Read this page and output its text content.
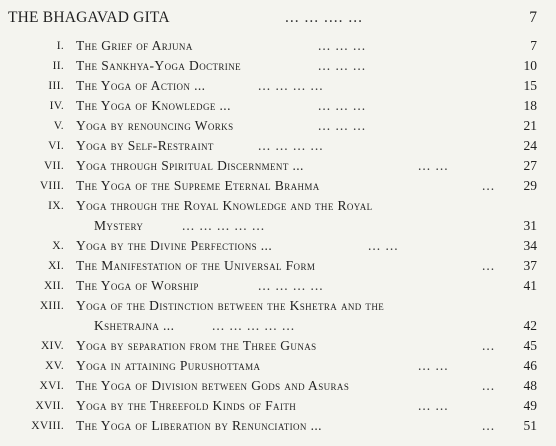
THE BHAGAVAD GITA	... ... .... ...	7
I. The Grief of Arjuna	... ... ...	7
II. The Sankhya-Yoga Doctrine	... ... ...	10
III. The Yoga of Action ...	... ... ... ...	15
IV. The Yoga of Knowledge ...	... ... ...	18
V. Yoga by renouncing Works	... ... ...	21
VI. Yoga by Self-Restraint	... ... ... ...	24
VII. Yoga through Spiritual Discernment ...	... ...	27
VIII. The Yoga of the Supreme Eternal Brahma	...	29
IX. Yoga through the Royal Knowledge and the Royal
Mystery	... ... ... ... ...	31
X. Yoga by the Divine Perfections ...	... ...	34
XI. The Manifestation of the Universal Form	...	37
XII. The Yoga of Worship	... ... ... ...	41
XIII. Yoga of the Distinction between the Kshetra and the
Kshetrajna ...	... ... ... ... ...	42
XIV. Yoga by separation from the Three Gunas	...	45
XV. Yoga in attaining Purushottama	... ...	46
XVI. The Yoga of Division between Gods and Asuras	...	48
XVII. Yoga by the Threefold Kinds of Faith	... ...	49
XVIII. The Yoga of Liberation by Renunciation ...	...	51
